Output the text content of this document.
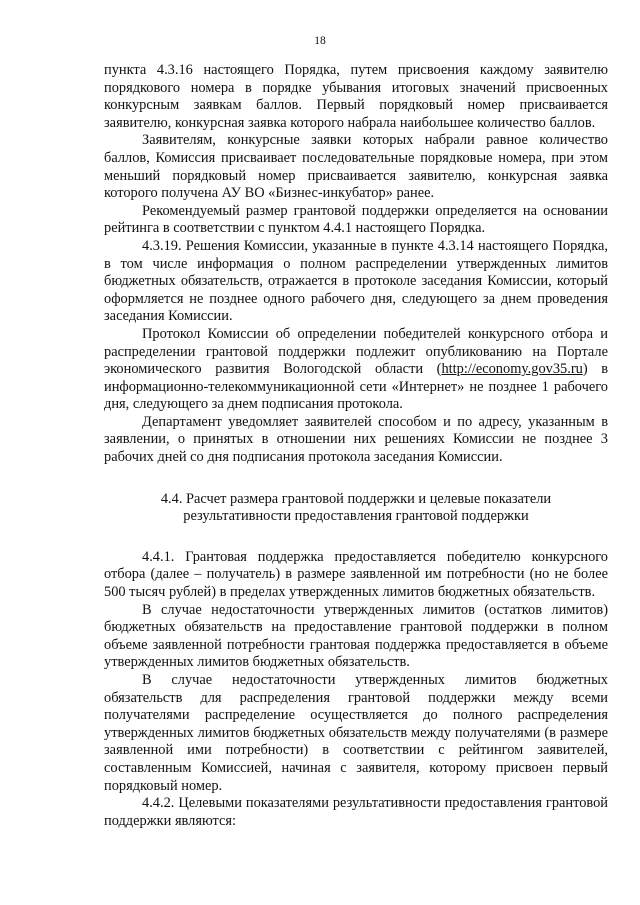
18

пункта 4.3.16 настоящего Порядка, путем присвоения каждому заявителю порядкового номера в порядке убывания итоговых значений присвоенных конкурсным заявкам баллов. Первый порядковый номер присваивается заявителю, конкурсная заявка которого набрала наибольшее количество баллов.

Заявителям, конкурсные заявки которых набрали равное количество баллов, Комиссия присваивает последовательные порядковые номера, при этом меньший порядковый номер присваивается заявителю, конкурсная заявка которого получена АУ ВО «Бизнес-инкубатор» ранее.

Рекомендуемый размер грантовой поддержки определяется на основании рейтинга в соответствии с пунктом 4.4.1 настоящего Порядка.

4.3.19. Решения Комиссии, указанные в пункте 4.3.14 настоящего Порядка, в том числе информация о полном распределении утвержденных лимитов бюджетных обязательств, отражается в протоколе заседания Комиссии, который оформляется не позднее одного рабочего дня, следующего за днем проведения заседания Комиссии.

Протокол Комиссии об определении победителей конкурсного отбора и распределении грантовой поддержки подлежит опубликованию на Портале экономического развития Вологодской области (http://economy.gov35.ru) в информационно-телекоммуникационной сети «Интернет» не позднее 1 рабочего дня, следующего за днем подписания протокола.

Департамент уведомляет заявителей способом и по адресу, указанным в заявлении, о принятых в отношении них решениях Комиссии не позднее 3 рабочих дней со дня подписания протокола заседания Комиссии.

4.4. Расчет размера грантовой поддержки и целевые показатели
результативности предоставления грантовой поддержки

4.4.1. Грантовая поддержка предоставляется победителю конкурсного отбора (далее – получатель) в размере заявленной им потребности (но не более 500 тысяч рублей) в пределах утвержденных лимитов бюджетных обязательств.

В случае недостаточности утвержденных лимитов (остатков лимитов) бюджетных обязательств на предоставление грантовой поддержки в полном объеме заявленной потребности грантовая поддержка предоставляется в объеме утвержденных лимитов бюджетных обязательств.

В случае недостаточности утвержденных лимитов бюджетных обязательств для распределения грантовой поддержки между всеми получателями распределение осуществляется до полного распределения утвержденных лимитов бюджетных обязательств между получателями (в размере заявленной ими потребности) в соответствии с рейтингом заявителей, составленным Комиссией, начиная с заявителя, которому присвоен первый порядковый номер.

4.4.2. Целевыми показателями результативности предоставления грантовой поддержки являются:
